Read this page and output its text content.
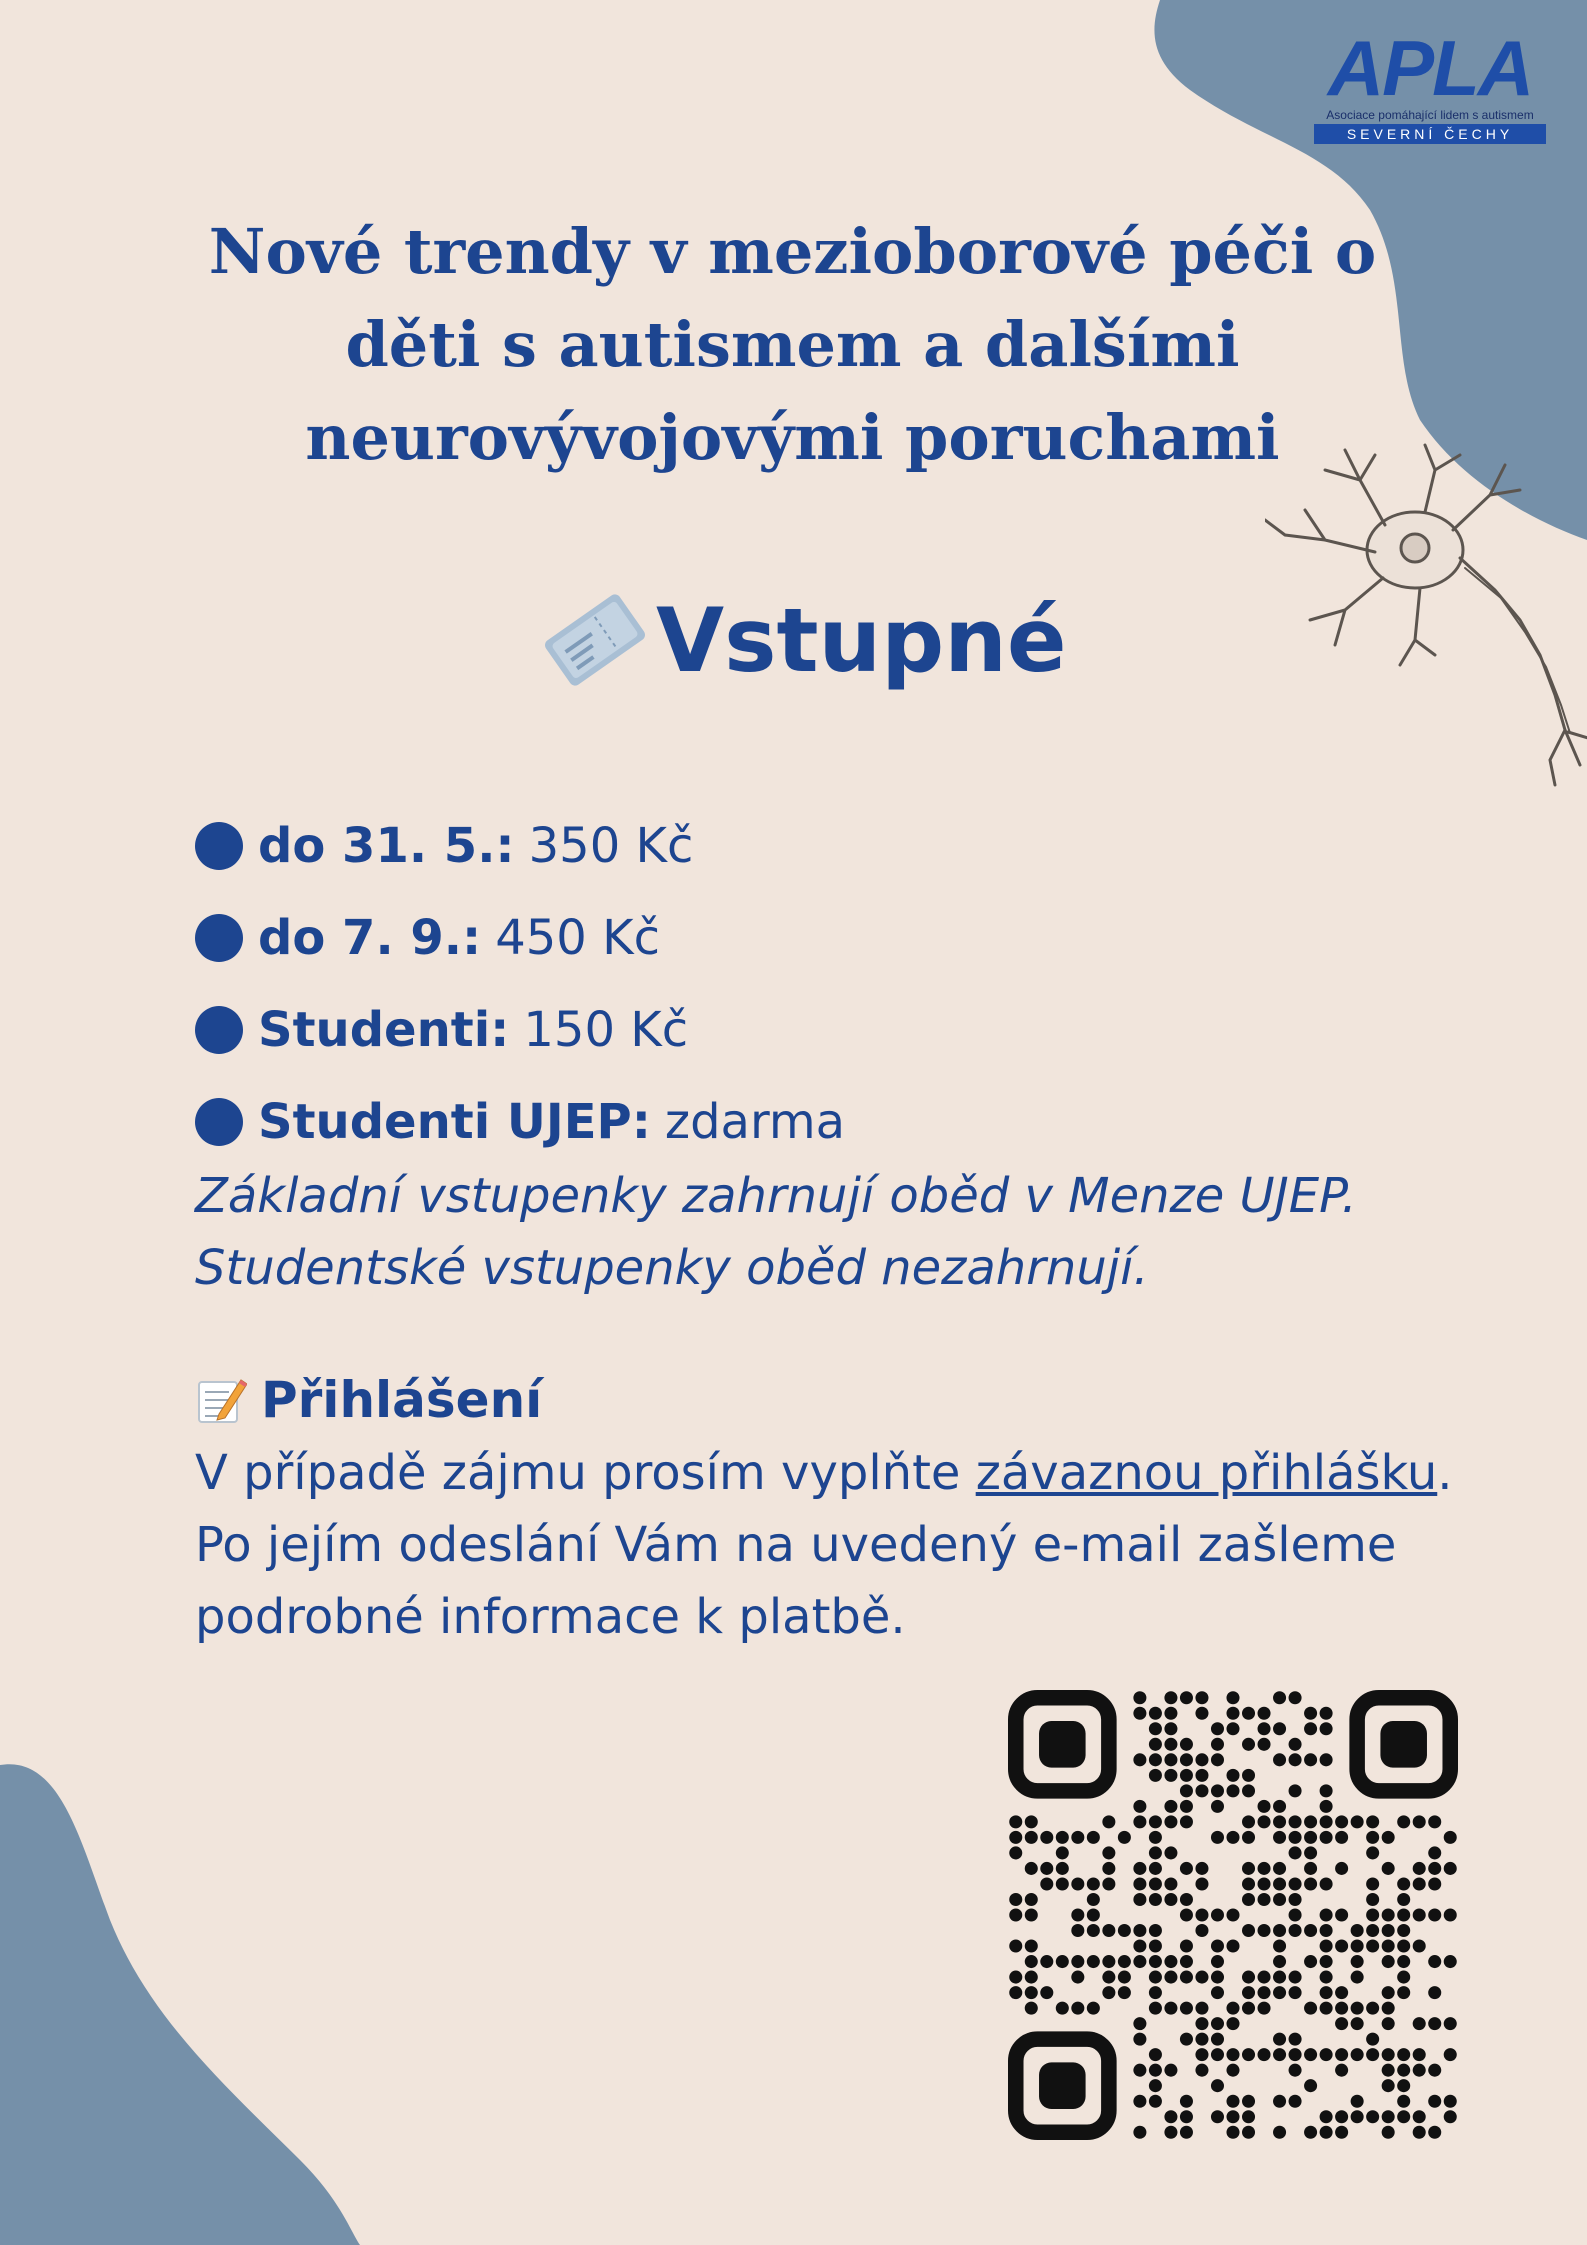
APLA
Asociace pomáhající lidem s autismem
SEVERNÍ ČECHY
Nové trendy v mezioborové péči o děti s autismem a dalšími neurovývojovými poruchami
Vstupné
do 31. 5.: 350 Kč
do 7. 9.: 450 Kč
Studenti: 150 Kč
Studenti UJEP: zdarma
Základní vstupenky zahrnují oběd v Menze UJEP. Studentské vstupenky oběd nezahrnují.
Přihlášení
V případě zájmu prosím vyplňte závaznou přihlášku. Po jejím odeslání Vám na uvedený e-mail zašleme podrobné informace k platbě.
